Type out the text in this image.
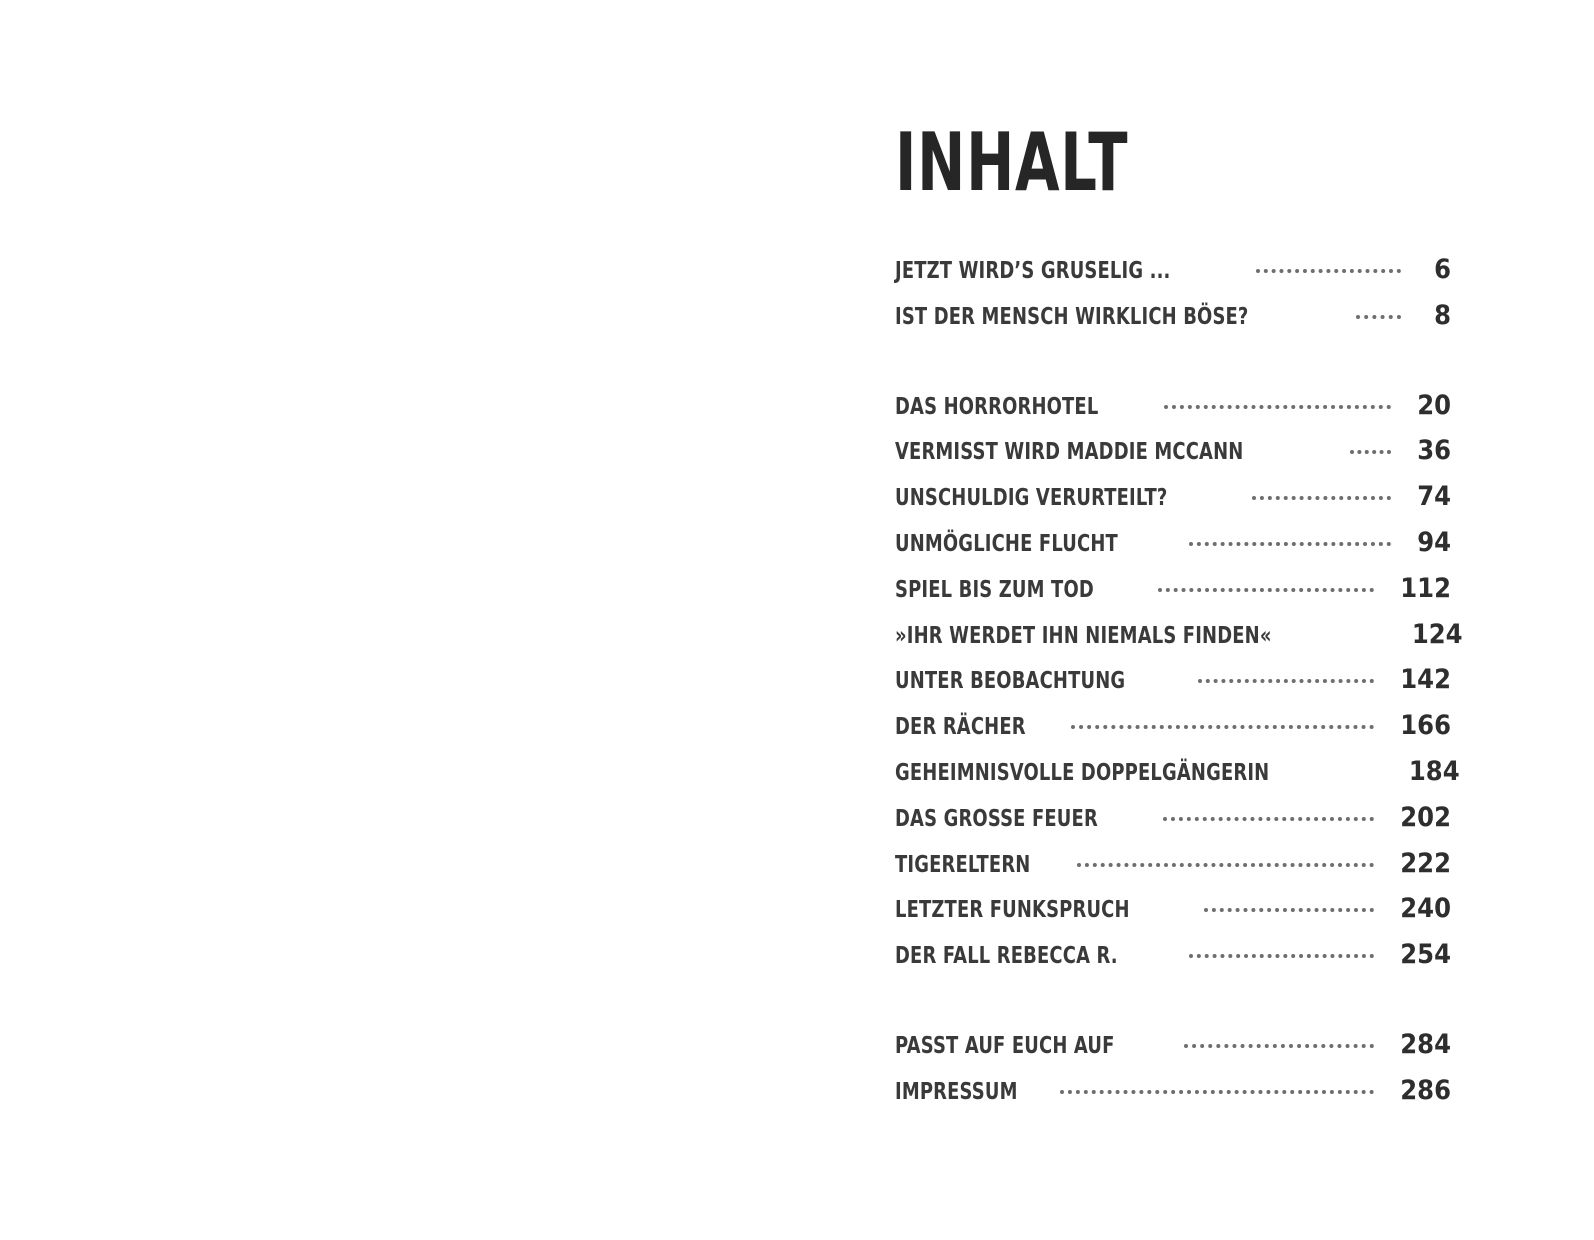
INHALT
JETZT WIRD’S GRUSELIG ...	6
IST DER MENSCH WIRKLICH BÖSE?	8
DAS HORRORHOTEL	20
VERMISST WIRD MADDIE MCCANN	36
UNSCHULDIG VERURTEILT?	74
UNMÖGLICHE FLUCHT	94
SPIEL BIS ZUM TOD	112
»IHR WERDET IHN NIEMALS FINDEN«	124
UNTER BEOBACHTUNG	142
DER RÄCHER	166
GEHEIMNISVOLLE DOPPELGÄNGERIN	184
DAS GROSSE FEUER	202
TIGERELTERN	222
LETZTER FUNKSPRUCH	240
DER FALL REBECCA R.	254
PASST AUF EUCH AUF	284
IMPRESSUM	286
